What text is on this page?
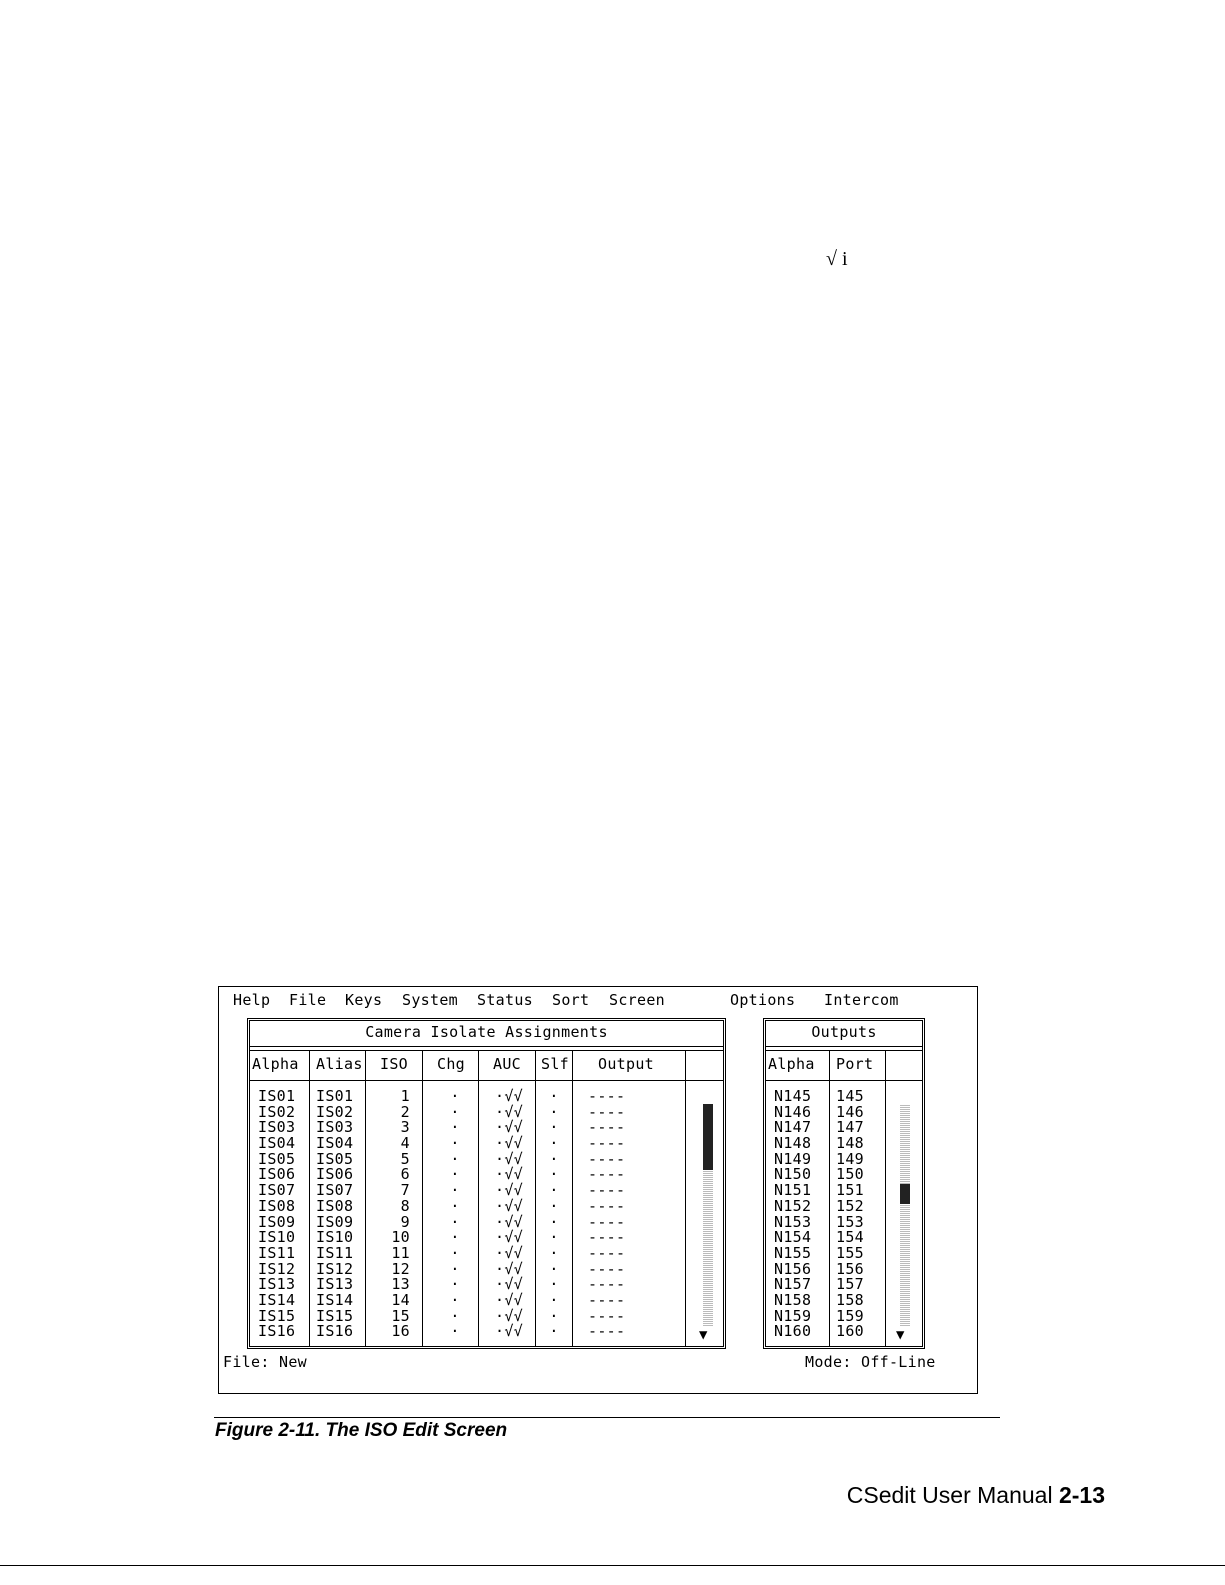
√ i
Help File Keys System Status Sort Screen	Options Intercom
Camera Isolate Assignments
Alpha Alias ISO Chg AUC Slf Output
IS01	IS01	1	·	·√√	·	----
IS02	IS02	2	·	·√√	·	----
IS03	IS03	3	·	·√√	·	----
IS04	IS04	4	·	·√√	·	----
IS05	IS05	5	·	·√√	·	----
IS06	IS06	6	·	·√√	·	----
IS07	IS07	7	·	·√√	·	----
IS08	IS08	8	·	·√√	·	----
IS09	IS09	9	·	·√√	·	----
IS10	IS10	10	·	·√√	·	----
IS11	IS11	11	·	·√√	·	----
IS12	IS12	12	·	·√√	·	----
IS13	IS13	13	·	·√√	·	----
IS14	IS14	14	·	·√√	·	----
IS15	IS15	15	·	·√√	·	----
IS16	IS16	16	·	·√√	·	----	▼
Outputs
Alpha Port
N145	145
N146	146
N147	147
N148	148
N149	149
N150	150
N151	151
N152	152
N153	153
N154	154
N155	155
N156	156
N157	157
N158	158
N159	159
N160	160	▼
File: New	Mode: Off-Line
Figure 2-11. The ISO Edit Screen
CSedit User Manual 2-13
